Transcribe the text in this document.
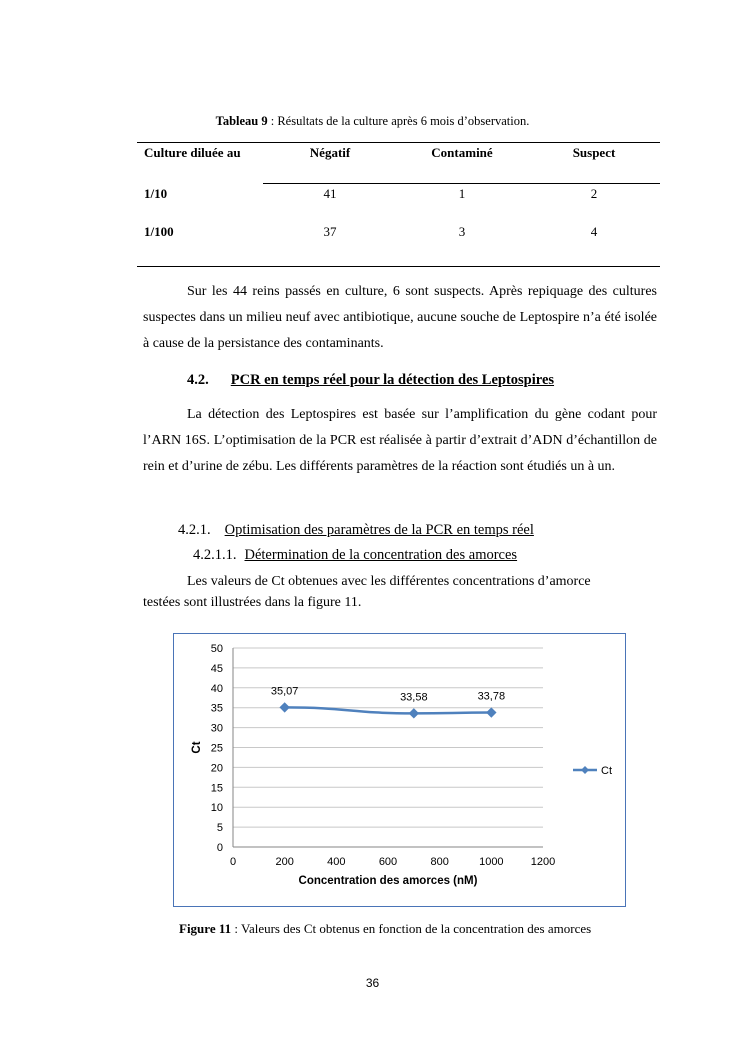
Tableau 9 : Résultats de la culture après 6 mois d’observation.
Culture diluée au	Négatif	Contaminé	Suspect
1/10	41	1	2
1/100	37	3	4
Sur les 44 reins passés en culture, 6 sont suspects. Après repiquage des cultures suspectes dans un milieu neuf avec antibiotique, aucune souche de Leptospire n’a été isolée à cause de la persistance des contaminants.
4.2. PCR en temps réel pour la détection des Leptospires
La détection des Leptospires est basée sur l’amplification du gène codant pour l’ARN 16S. L’optimisation de la PCR est réalisée à partir d’extrait d’ADN d’échantillon de rein et d’urine de zébu. Les différents paramètres de la réaction sont étudiés un à un.
4.2.1. Optimisation des paramètres de la PCR en temps réel
4.2.1.1. Détermination de la concentration des amorces
Les valeurs de Ct obtenues avec les différentes concentrations d’amorce
testées sont illustrées dans la figure 11.
0
5
10
15
20
25
30
35
40
45
50
0	200	400	600	800	1000 1200
Concentration des amorces (nM)
Ct
35,07	33,58	33,78
Ct
Figure 11 : Valeurs des Ct obtenus en fonction de la concentration des amorces
36
